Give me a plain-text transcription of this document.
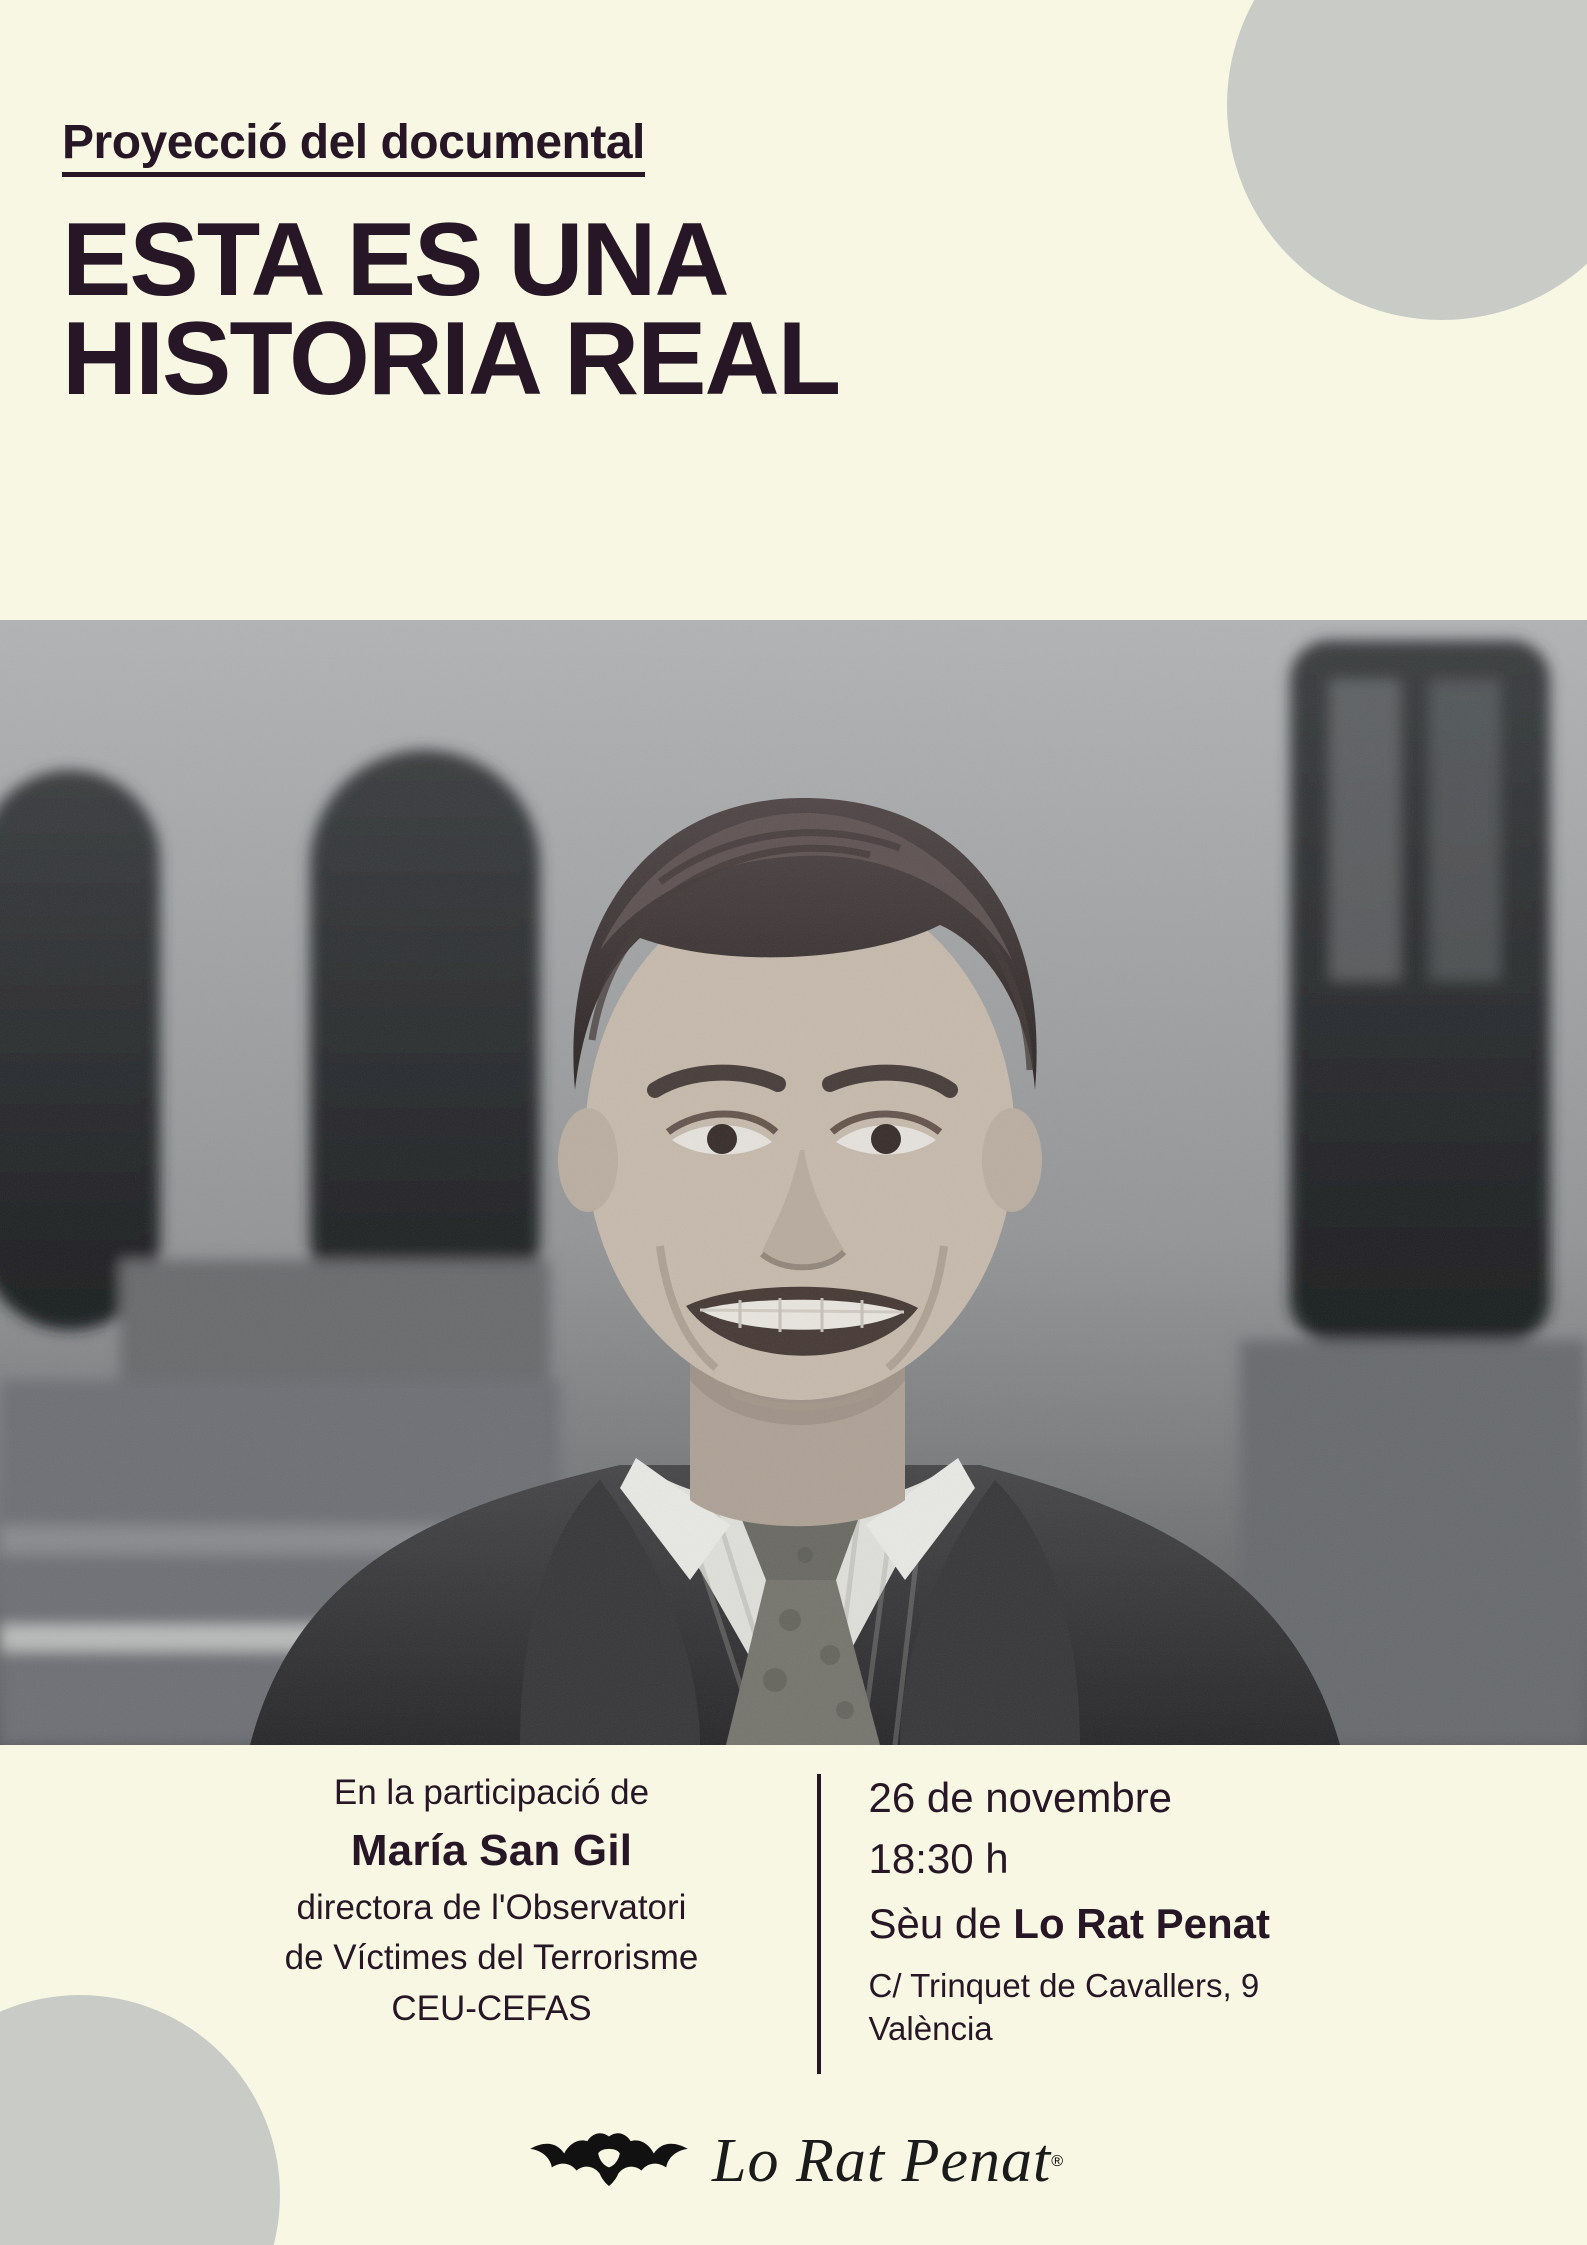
Proyecció del documental
ESTA ES UNA
HISTORIA REAL
En la participació de
María San Gil
directora de l'Observatori
de Víctimes del Terrorisme
CEU-CEFAS
26 de novembre
18:30 h
Sèu de Lo Rat Penat
C/ Trinquet de Cavallers, 9
València
Lo Rat Penat ®
